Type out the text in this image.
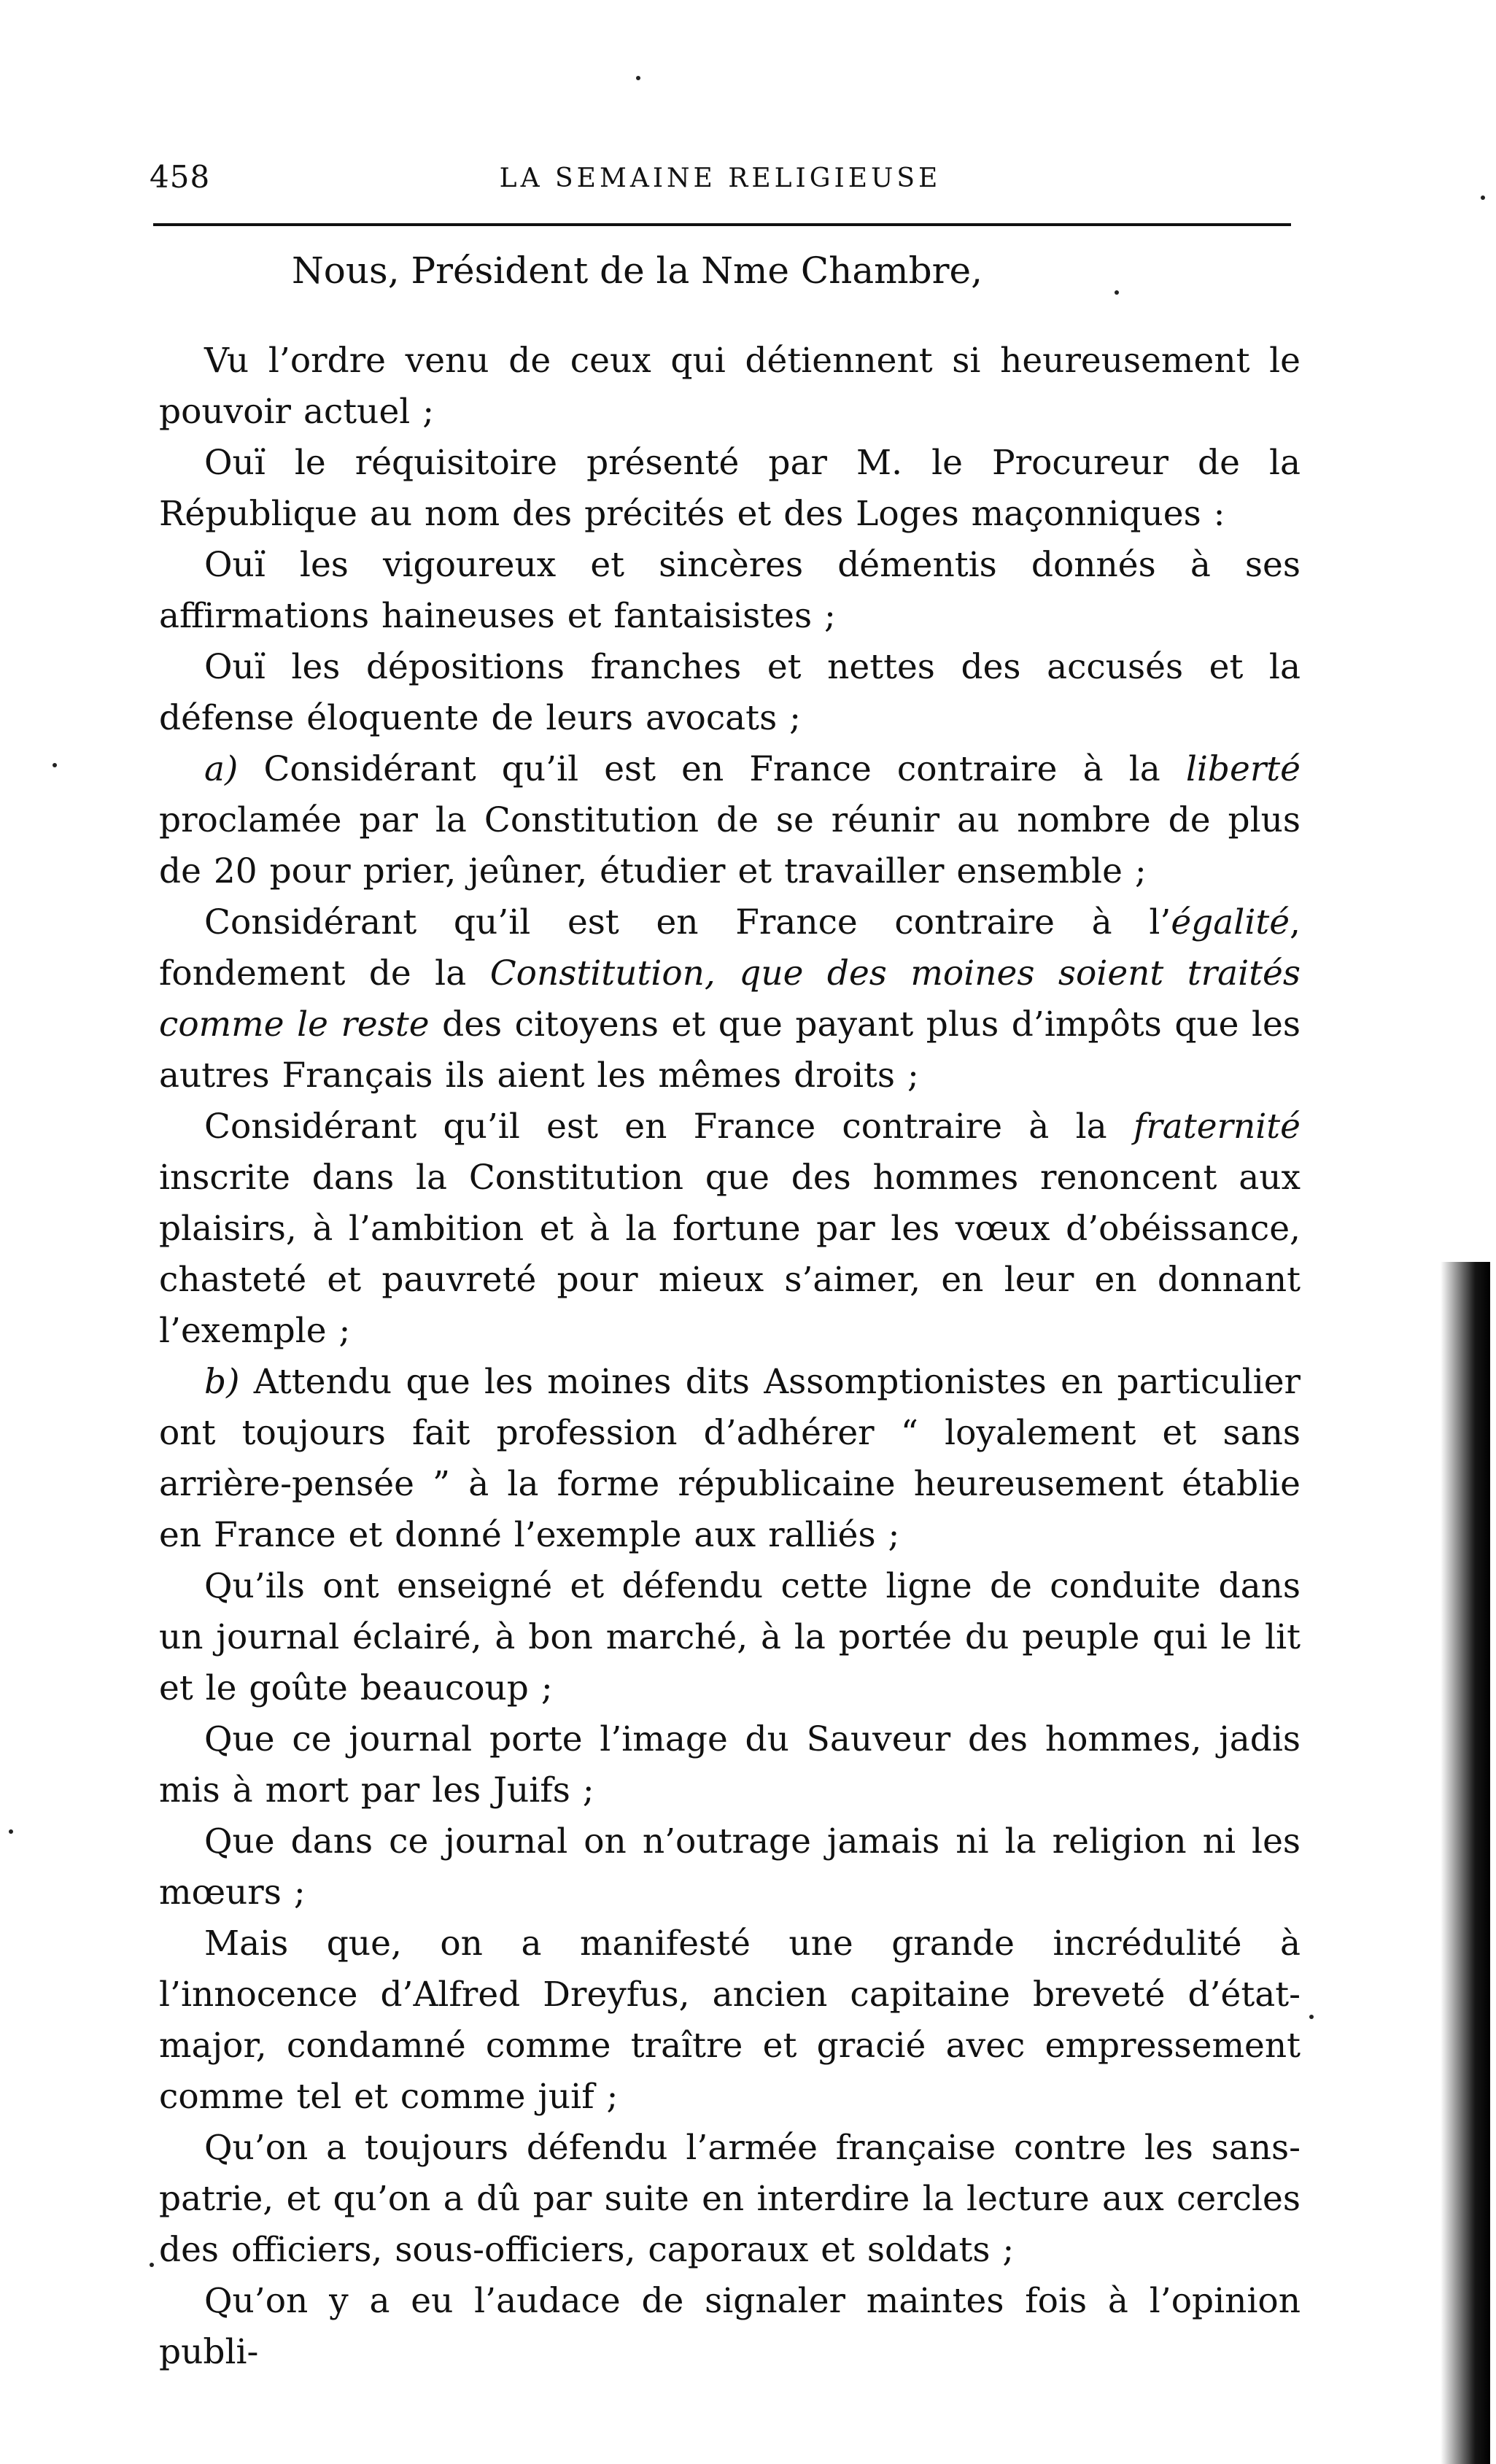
458	LA SEMAINE RELIGIEUSE
Nous, Président de la Nme Chambre,

Vu l’ordre venu de ceux qui détiennent si heureusement le pouvoir actuel ;

Ouï le réquisitoire présenté par M. le Procureur de la République au nom des précités et des Loges maçonniques :

Ouï les vigoureux et sincères démentis donnés à ses affirmations haineuses et fantaisistes ;

Ouï les dépositions franches et nettes des accusés et la défense éloquente de leurs avocats ;

a) Considérant qu’il est en France contraire à la liberté proclamée par la Constitution de se réunir au nombre de plus de 20 pour prier, jeûner, étudier et travailler ensemble ;

Considérant qu’il est en France contraire à l’égalité, fondement de la Constitution, que des moines soient traités comme le reste des citoyens et que payant plus d’impôts que les autres Français ils aient les mêmes droits ;

Considérant qu’il est en France contraire à la fraternité inscrite dans la Constitution que des hommes renoncent aux plaisirs, à l’ambition et à la fortune par les vœux d’obéissance, chasteté et pauvreté pour mieux s’aimer, en leur en donnant l’exemple ;

b) Attendu que les moines dits Assomptionistes en particulier ont toujours fait profession d’adhérer “ loyalement et sans arrière-pensée ” à la forme républicaine heureusement établie en France et donné l’exemple aux ralliés ;

Qu’ils ont enseigné et défendu cette ligne de conduite dans un journal éclairé, à bon marché, à la portée du peuple qui le lit et le goûte beaucoup ;

Que ce journal porte l’image du Sauveur des hommes, jadis mis à mort par les Juifs ;

Que dans ce journal on n’outrage jamais ni la religion ni les mœurs ;

Mais que, on a manifesté une grande incrédulité à l’innocence d’Alfred Dreyfus, ancien capitaine breveté d’état-major, condamné comme traître et gracié avec empressement comme tel et comme juif ;

Qu’on a toujours défendu l’armée française contre les sans-patrie, et qu’on a dû par suite en interdire la lecture aux cercles des officiers, sous-officiers, caporaux et soldats ;

Qu’on y a eu l’audace de signaler maintes fois à l’opinion publi-
